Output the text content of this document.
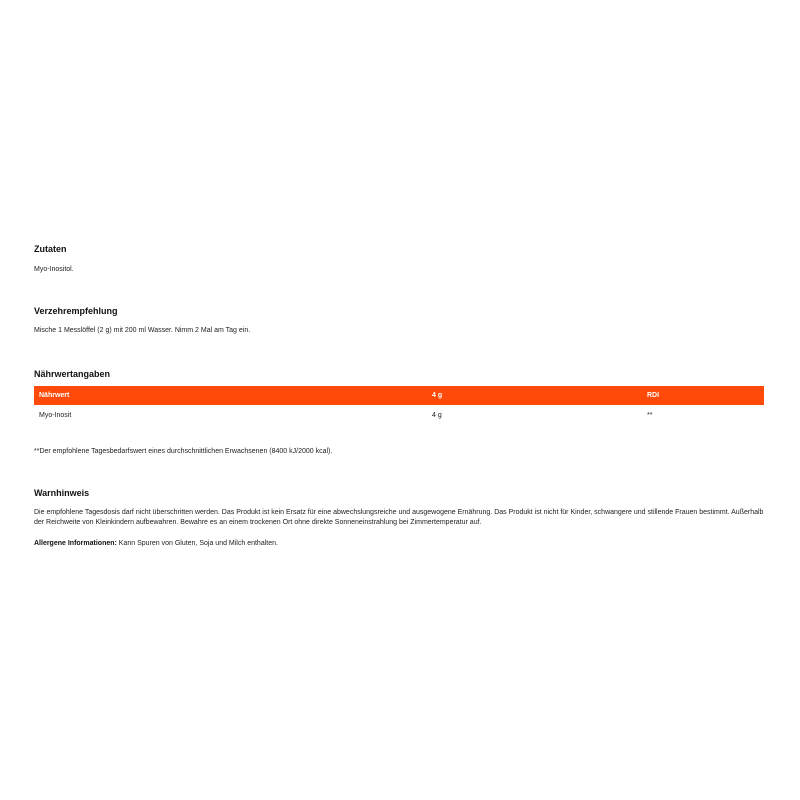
Zutaten

Myo-Inositol.

Verzehrempfehlung

Mische 1 Messlöffel (2 g) mit 200 ml Wasser. Nimm 2 Mal am Tag ein.

Nährwertangaben
Nährwert	4 g	RDI
Myo-Inosit	4 g	**

**Der empfohlene Tagesbedarfswert eines durchschnittlichen Erwachsenen (8400 kJ/2000 kcal).

Warnhinweis

Die empfohlene Tagesdosis darf nicht überschritten werden. Das Produkt ist kein Ersatz für eine abwechslungsreiche und ausgewogene Ernährung. Das Produkt ist nicht für Kinder, schwangere und stillende Frauen bestimmt. Außerhalb der Reichweite von Kleinkindern aufbewahren. Bewahre es an einem trockenen Ort ohne direkte Sonneneinstrahlung bei Zimmertemperatur auf.

Allergene Informationen: Kann Spuren von Gluten, Soja und Milch enthalten.
